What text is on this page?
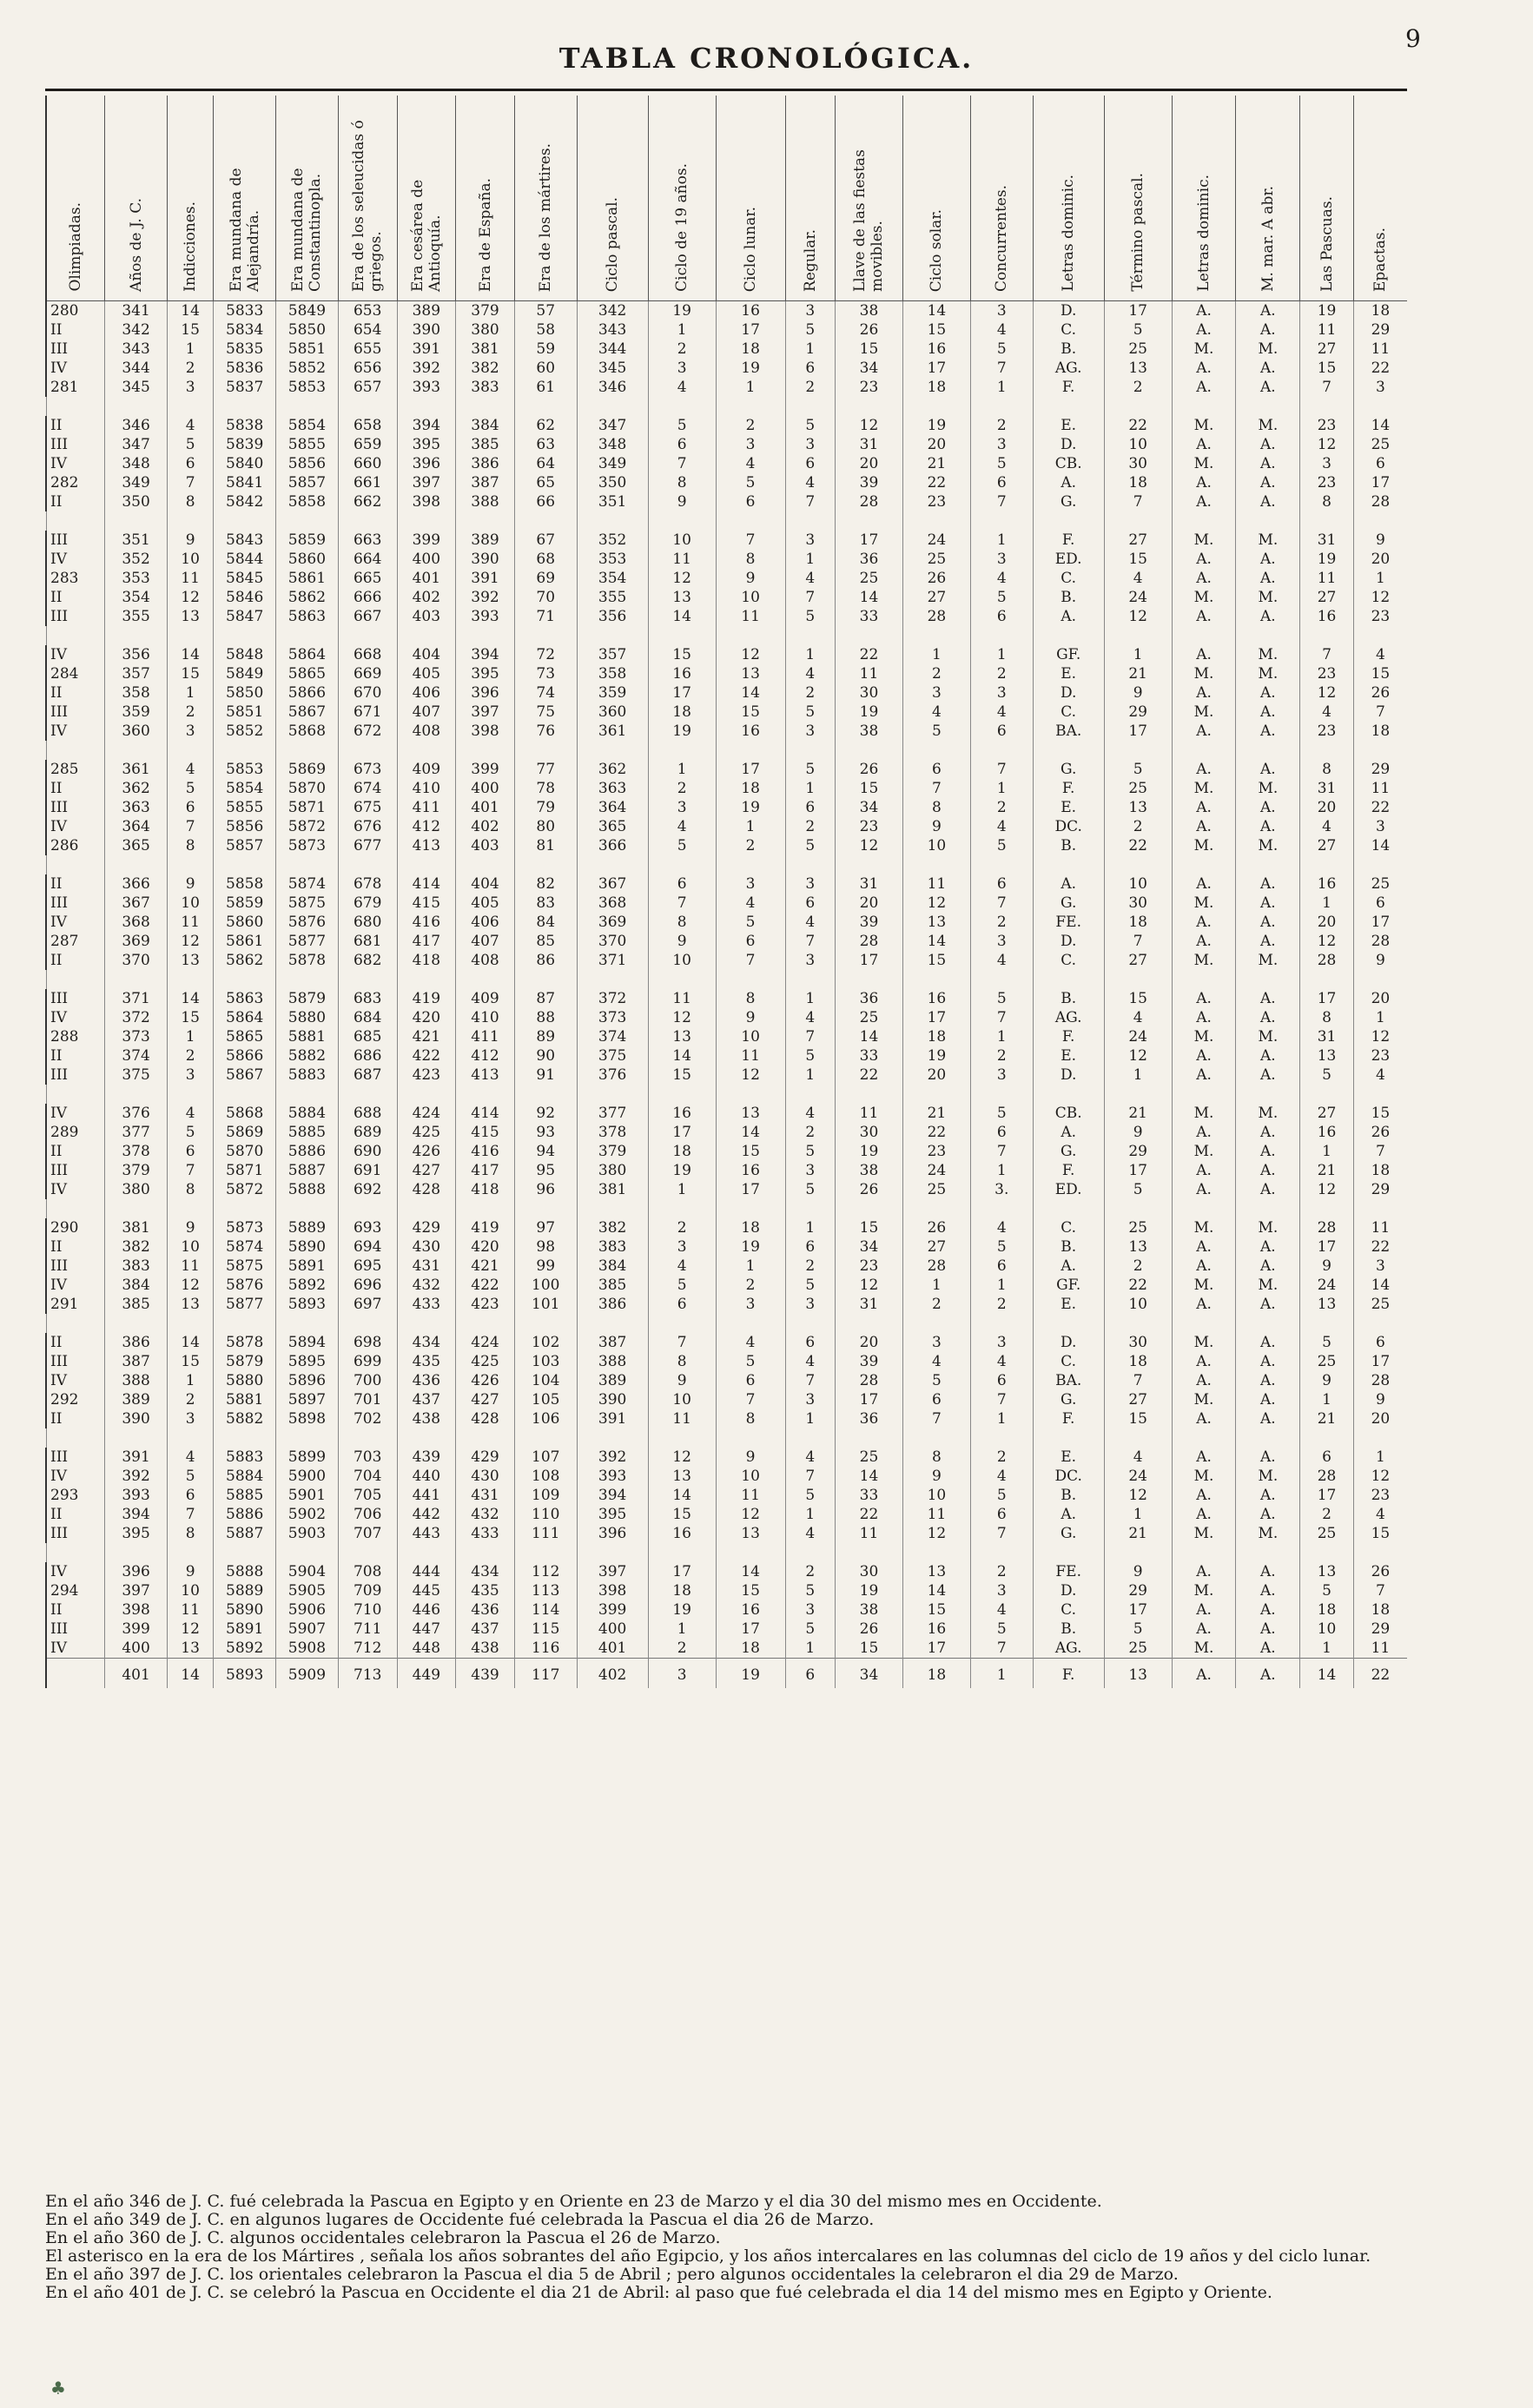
TABLA CRONOLÓGICA.
9
Olimpiadas.	Años de J. C.	Indicciones.	Era mundana de Alejandría.	Era mundana de Constantinopla.	Era de los seleucidas ó griegos.	Era cesárea de Antioquía.	Era de España.	Era de los mártires.	Ciclo pascal.	Ciclo de 19 años.	Ciclo lunar.	Regular.	Llave de las fiestas movibles.	Ciclo solar.	Concurrentes.	Letras dominic.	Término pascal.	Letras dominic.	M. mar. A abr.	Las Pascuas.	Epactas.
280	341	14	5833	5849	653	389	379	57	342	19	16	3	38	14	3	D.	17	A.	A.	19	18
II	342	15	5834	5850	654	390	380	58	343	1	17	5	26	15	4	C.	5	A.	A.	11	29
III	343	1	5835	5851	655	391	381	59	344	2	18	1	15	16	5	B.	25	M.	M.	27	11
IV	344	2	5836	5852	656	392	382	60	345	3	19	6	34	17	7	AG.	13	A.	A.	15	22
281	345	3	5837	5853	657	393	383	61	346	4	1	2	23	18	1	F.	2	A.	A.	7	3

II	346	4	5838	5854	658	394	384	62	347	5	2	5	12	19	2	E.	22	M.	M.	23	14
III	347	5	5839	5855	659	395	385	63	348	6	3	3	31	20	3	D.	10	A.	A.	12	25
IV	348	6	5840	5856	660	396	386	64	349	7	4	6	20	21	5	CB.	30	M.	A.	3	6
282	349	7	5841	5857	661	397	387	65	350	8	5	4	39	22	6	A.	18	A.	A.	23	17
II	350	8	5842	5858	662	398	388	66	351	9	6	7	28	23	7	G.	7	A.	A.	8	28

III	351	9	5843	5859	663	399	389	67	352	10	7	3	17	24	1	F.	27	M.	M.	31	9
IV	352	10	5844	5860	664	400	390	68	353	11	8	1	36	25	3	ED.	15	A.	A.	19	20
283	353	11	5845	5861	665	401	391	69	354	12	9	4	25	26	4	C.	4	A.	A.	11	1
II	354	12	5846	5862	666	402	392	70	355	13	10	7	14	27	5	B.	24	M.	M.	27	12
III	355	13	5847	5863	667	403	393	71	356	14	11	5	33	28	6	A.	12	A.	A.	16	23

IV	356	14	5848	5864	668	404	394	72	357	15	12	1	22	1	1	GF.	1	A.	M.	7	4
284	357	15	5849	5865	669	405	395	73	358	16	13	4	11	2	2	E.	21	M.	M.	23	15
II	358	1	5850	5866	670	406	396	74	359	17	14	2	30	3	3	D.	9	A.	A.	12	26
III	359	2	5851	5867	671	407	397	75	360	18	15	5	19	4	4	C.	29	M.	A.	4	7
IV	360	3	5852	5868	672	408	398	76	361	19	16	3	38	5	6	BA.	17	A.	A.	23	18

285	361	4	5853	5869	673	409	399	77	362	1	17	5	26	6	7	G.	5	A.	A.	8	29
II	362	5	5854	5870	674	410	400	78	363	2	18	1	15	7	1	F.	25	M.	M.	31	11
III	363	6	5855	5871	675	411	401	79	364	3	19	6	34	8	2	E.	13	A.	A.	20	22
IV	364	7	5856	5872	676	412	402	80	365	4	1	2	23	9	4	DC.	2	A.	A.	4	3
286	365	8	5857	5873	677	413	403	81	366	5	2	5	12	10	5	B.	22	M.	M.	27	14

II	366	9	5858	5874	678	414	404	82	367	6	3	3	31	11	6	A.	10	A.	A.	16	25
III	367	10	5859	5875	679	415	405	83	368	7	4	6	20	12	7	G.	30	M.	A.	1	6
IV	368	11	5860	5876	680	416	406	84	369	8	5	4	39	13	2	FE.	18	A.	A.	20	17
287	369	12	5861	5877	681	417	407	85	370	9	6	7	28	14	3	D.	7	A.	A.	12	28
II	370	13	5862	5878	682	418	408	86	371	10	7	3	17	15	4	C.	27	M.	M.	28	9

III	371	14	5863	5879	683	419	409	87	372	11	8	1	36	16	5	B.	15	A.	A.	17	20
IV	372	15	5864	5880	684	420	410	88	373	12	9	4	25	17	7	AG.	4	A.	A.	8	1
288	373	1	5865	5881	685	421	411	89	374	13	10	7	14	18	1	F.	24	M.	M.	31	12
II	374	2	5866	5882	686	422	412	90	375	14	11	5	33	19	2	E.	12	A.	A.	13	23
III	375	3	5867	5883	687	423	413	91	376	15	12	1	22	20	3	D.	1	A.	A.	5	4

IV	376	4	5868	5884	688	424	414	92	377	16	13	4	11	21	5	CB.	21	M.	M.	27	15
289	377	5	5869	5885	689	425	415	93	378	17	14	2	30	22	6	A.	9	A.	A.	16	26
II	378	6	5870	5886	690	426	416	94	379	18	15	5	19	23	7	G.	29	M.	A.	1	7
III	379	7	5871	5887	691	427	417	95	380	19	16	3	38	24	1	F.	17	A.	A.	21	18
IV	380	8	5872	5888	692	428	418	96	381	1	17	5	26	25	3.	ED.	5	A.	A.	12	29

290	381	9	5873	5889	693	429	419	97	382	2	18	1	15	26	4	C.	25	M.	M.	28	11
II	382	10	5874	5890	694	430	420	98	383	3	19	6	34	27	5	B.	13	A.	A.	17	22
III	383	11	5875	5891	695	431	421	99	384	4	1	2	23	28	6	A.	2	A.	A.	9	3
IV	384	12	5876	5892	696	432	422	100	385	5	2	5	12	1	1	GF.	22	M.	M.	24	14
291	385	13	5877	5893	697	433	423	101	386	6	3	3	31	2	2	E.	10	A.	A.	13	25

II	386	14	5878	5894	698	434	424	102	387	7	4	6	20	3	3	D.	30	M.	A.	5	6
III	387	15	5879	5895	699	435	425	103	388	8	5	4	39	4	4	C.	18	A.	A.	25	17
IV	388	1	5880	5896	700	436	426	104	389	9	6	7	28	5	6	BA.	7	A.	A.	9	28
292	389	2	5881	5897	701	437	427	105	390	10	7	3	17	6	7	G.	27	M.	A.	1	9
II	390	3	5882	5898	702	438	428	106	391	11	8	1	36	7	1	F.	15	A.	A.	21	20

III	391	4	5883	5899	703	439	429	107	392	12	9	4	25	8	2	E.	4	A.	A.	6	1
IV	392	5	5884	5900	704	440	430	108	393	13	10	7	14	9	4	DC.	24	M.	M.	28	12
293	393	6	5885	5901	705	441	431	109	394	14	11	5	33	10	5	B.	12	A.	A.	17	23
II	394	7	5886	5902	706	442	432	110	395	15	12	1	22	11	6	A.	1	A.	A.	2	4
III	395	8	5887	5903	707	443	433	111	396	16	13	4	11	12	7	G.	21	M.	M.	25	15

IV	396	9	5888	5904	708	444	434	112	397	17	14	2	30	13	2	FE.	9	A.	A.	13	26
294	397	10	5889	5905	709	445	435	113	398	18	15	5	19	14	3	D.	29	M.	A.	5	7
II	398	11	5890	5906	710	446	436	114	399	19	16	3	38	15	4	C.	17	A.	A.	18	18
III	399	12	5891	5907	711	447	437	115	400	1	17	5	26	16	5	B.	5	A.	A.	10	29
IV	400	13	5892	5908	712	448	438	116	401	2	18	1	15	17	7	AG.	25	M.	A.	1	11
	401	14	5893	5909	713	449	439	117	402	3	19	6	34	18	1	F.	13	A.	A.	14	22

En el año 346 de J. C. fué celebrada la Pascua en Egipto y en Oriente en 23 de Marzo y el dia 30 del mismo mes en Occidente.

En el año 349 de J. C. en algunos lugares de Occidente fué celebrada la Pascua el dia 26 de Marzo.

En el año 360 de J. C. algunos occidentales celebraron la Pascua el 26 de Marzo.

El asterisco en la era de los Mártires , señala los años sobrantes del año Egipcio, y los años intercalares en las columnas del ciclo de 19 años y del ciclo lunar.

En el año 397 de J. C. los orientales celebraron la Pascua el dia 5 de Abril ; pero algunos occidentales la celebraron el dia 29 de Marzo.

En el año 401 de J. C. se celebró la Pascua en Occidente el dia 21 de Abril: al paso que fué celebrada el dia 14 del mismo mes en Egipto y Oriente.

♣
